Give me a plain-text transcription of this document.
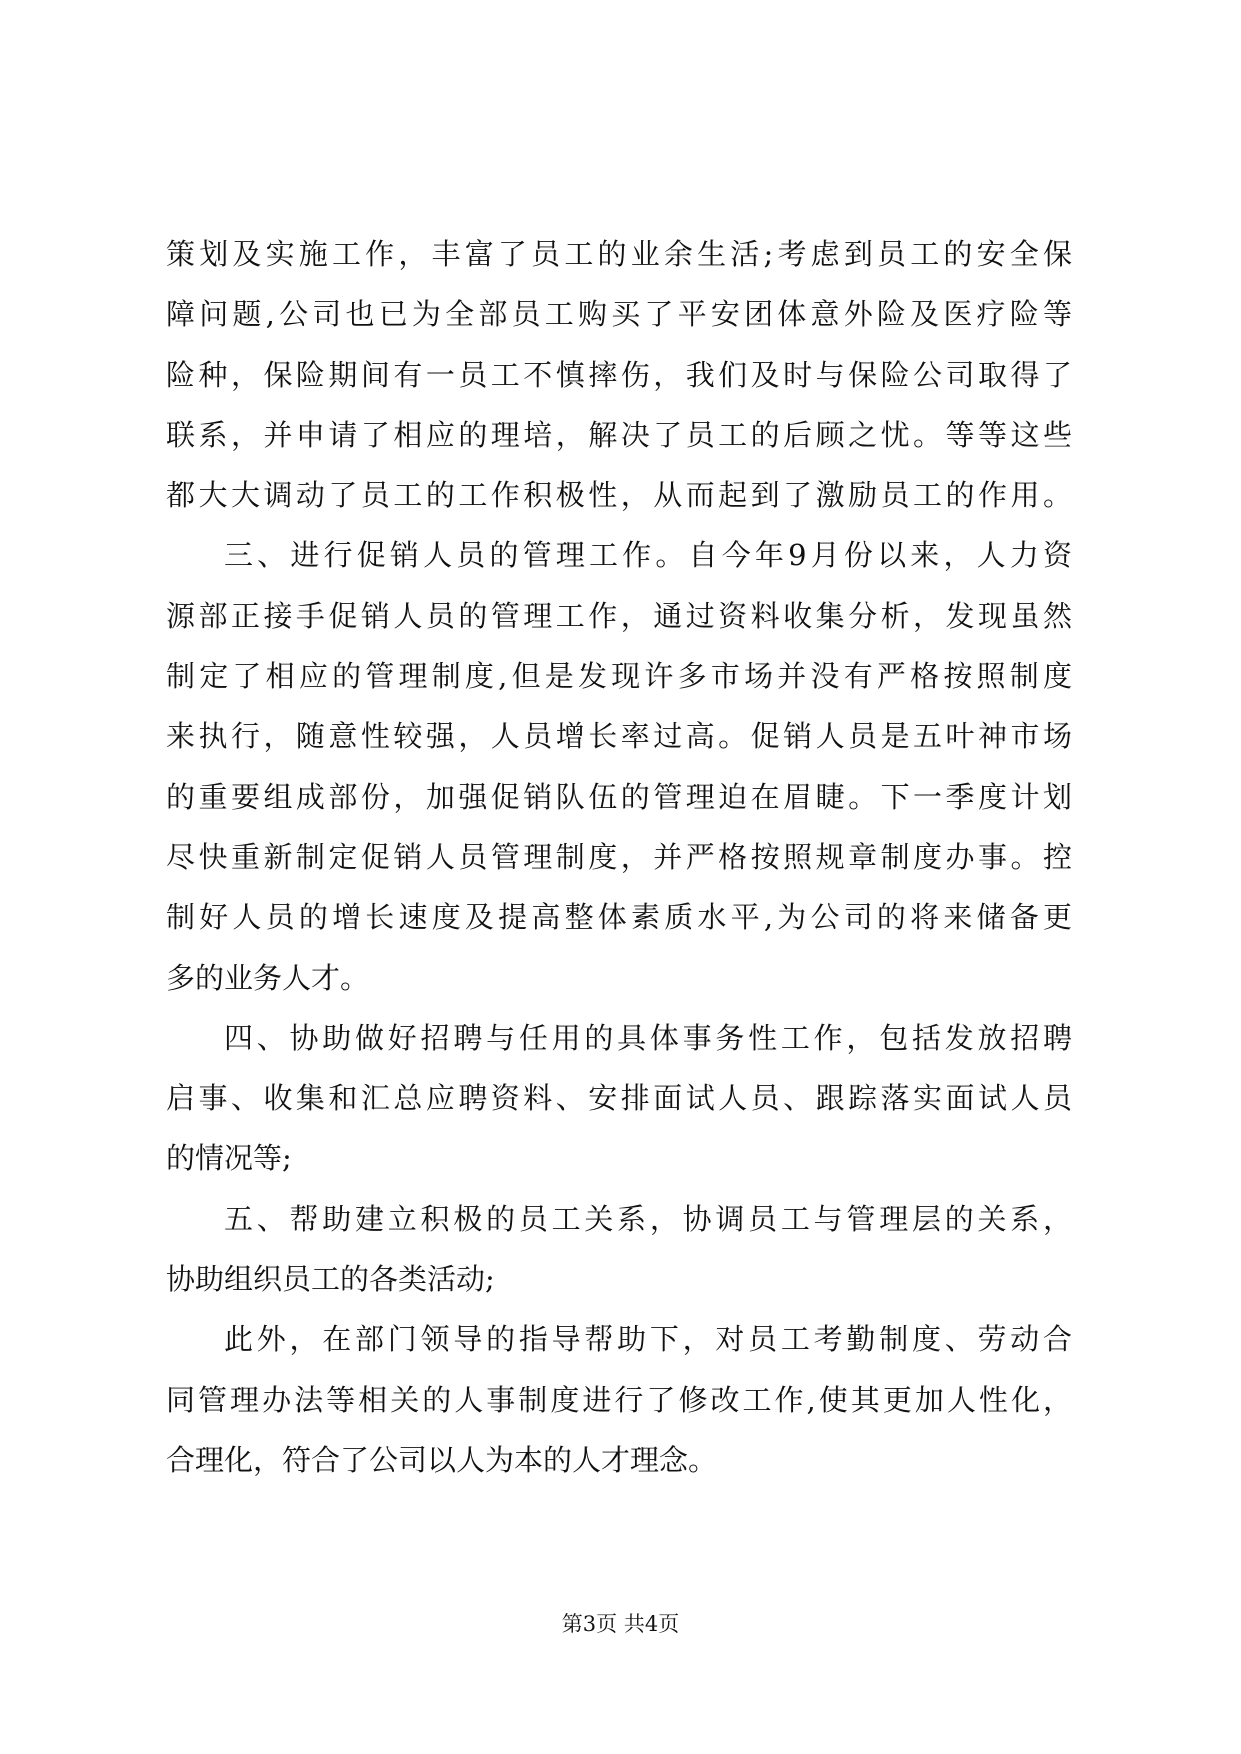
策划及实施工作，丰富了员工的业余生活;考虑到员工的安全保
障问题,公司也已为全部员工购买了平安团体意外险及医疗险等
险种，保险期间有一员工不慎摔伤，我们及时与保险公司取得了
联系，并申请了相应的理培，解决了员工的后顾之忧。等等这些
都大大调动了员工的工作积极性，从而起到了激励员工的作用。
三、进行促销人员的管理工作。自今年9月份以来，人力资
源部正接手促销人员的管理工作，通过资料收集分析，发现虽然
制定了相应的管理制度,但是发现许多市场并没有严格按照制度
来执行，随意性较强，人员增长率过高。促销人员是五叶神市场
的重要组成部份，加强促销队伍的管理迫在眉睫。下一季度计划
尽快重新制定促销人员管理制度，并严格按照规章制度办事。控
制好人员的增长速度及提高整体素质水平,为公司的将来储备更
多的业务人才。
四、协助做好招聘与任用的具体事务性工作，包括发放招聘
启事、收集和汇总应聘资料、安排面试人员、跟踪落实面试人员
的情况等;
五、帮助建立积极的员工关系，协调员工与管理层的关系，
协助组织员工的各类活动;
此外，在部门领导的指导帮助下，对员工考勤制度、劳动合
同管理办法等相关的人事制度进行了修改工作,使其更加人性化，
合理化，符合了公司以人为本的人才理念。
第3页 共4页
